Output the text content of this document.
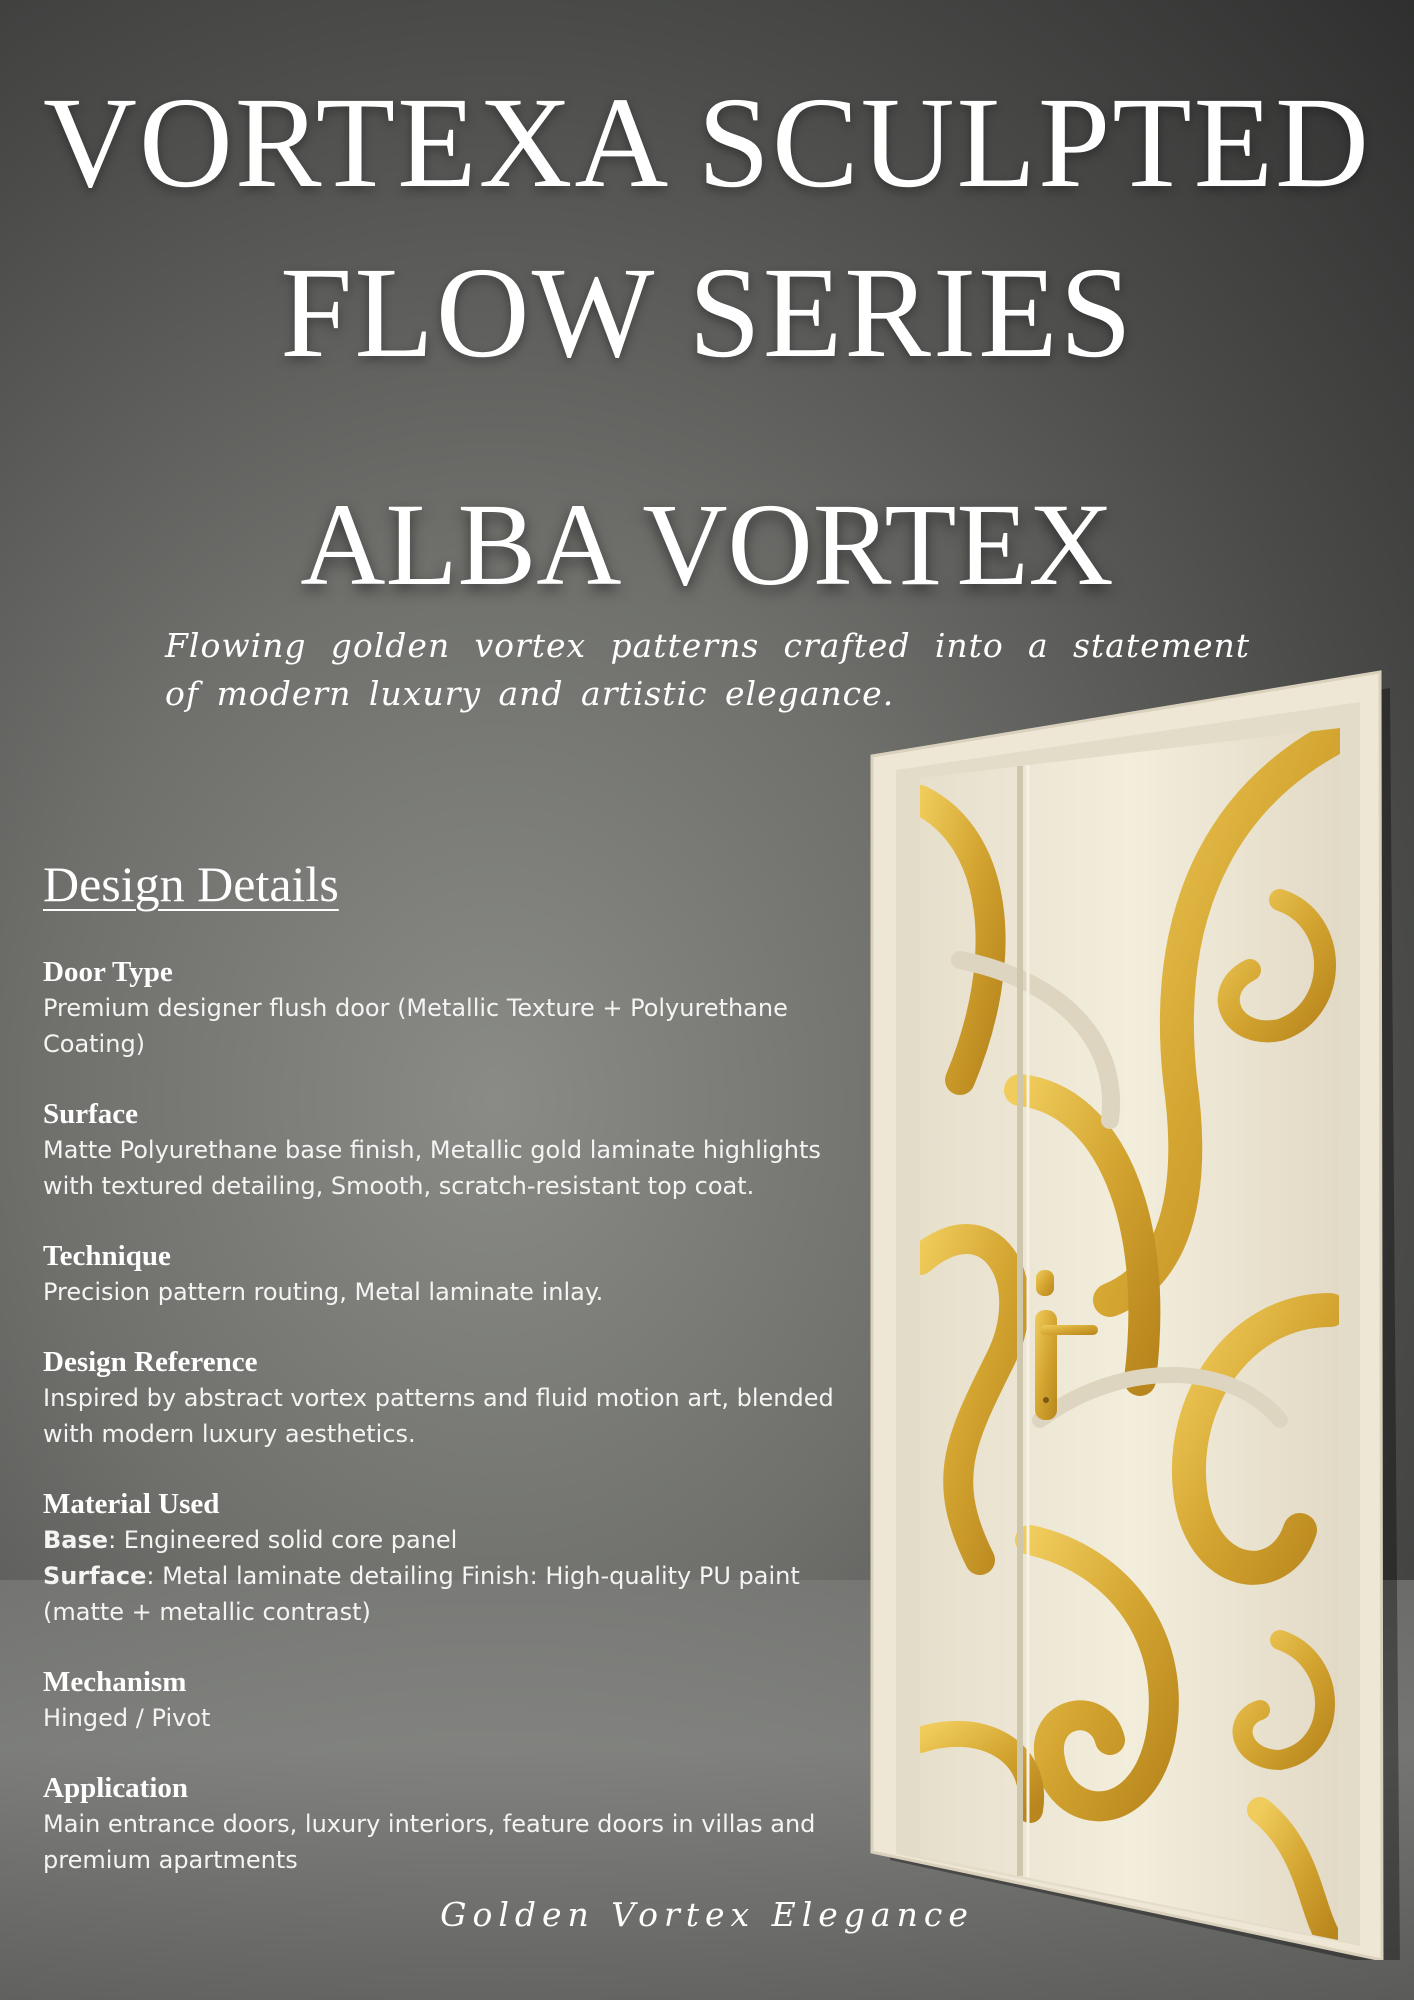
VORTEXA SCULPTED
FLOW SERIES
ALBA VORTEX
Flowing golden vortex patterns crafted into a statement of modern luxury and artistic elegance.
Design Details
Door Type
Premium designer flush door (Metallic Texture + Polyurethane Coating)
Surface
Matte Polyurethane base finish, Metallic gold laminate highlights with textured detailing, Smooth, scratch-resistant top coat.
Technique
Precision pattern routing, Metal laminate inlay.
Design Reference
Inspired by abstract vortex patterns and fluid motion art, blended with modern luxury aesthetics.
Material Used
Base: Engineered solid core panel
Surface: Metal laminate detailing Finish: High-quality PU paint (matte + metallic contrast)
Mechanism
Hinged / Pivot
Application
Main entrance doors, luxury interiors, feature doors in villas and premium apartments
Golden Vortex Elegance
